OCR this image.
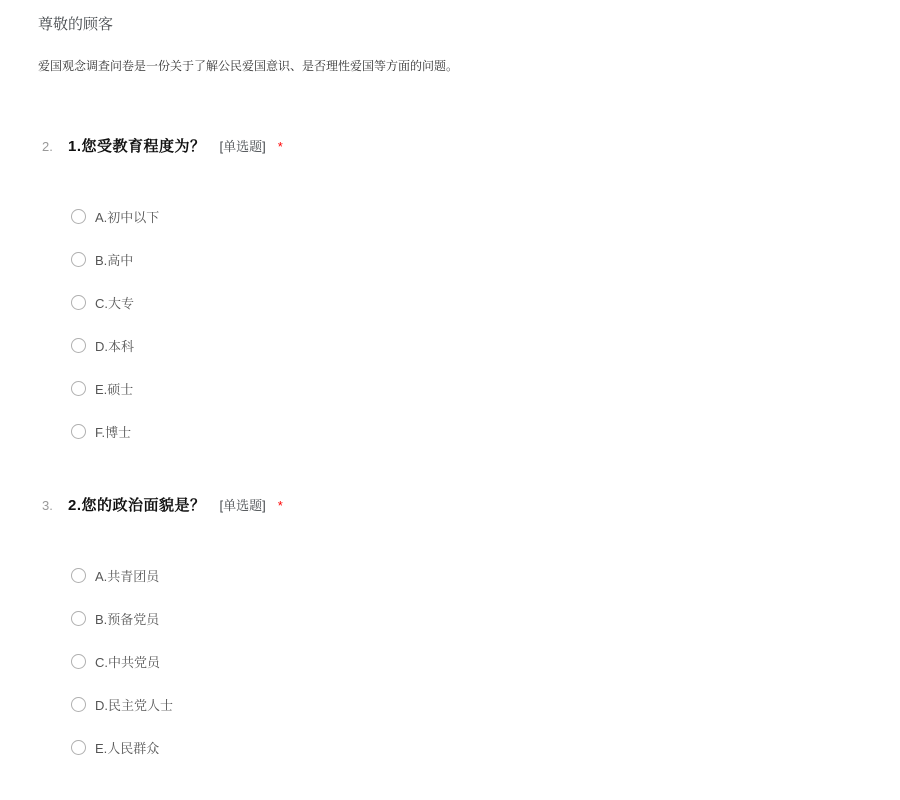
尊敬的顾客
爱国观念调查问卷是一份关于了解公民爱国意识、是否理性爱国等方面的问题。
2.	1.您受教育程度为？ [单选题] *
A.初中以下
B.高中
C.大专
D.本科
E.硕士
F.博士
3.	2.您的政治面貌是？ [单选题] *
A.共青团员
B.预备党员
C.中共党员
D.民主党人士
E.人民群众
